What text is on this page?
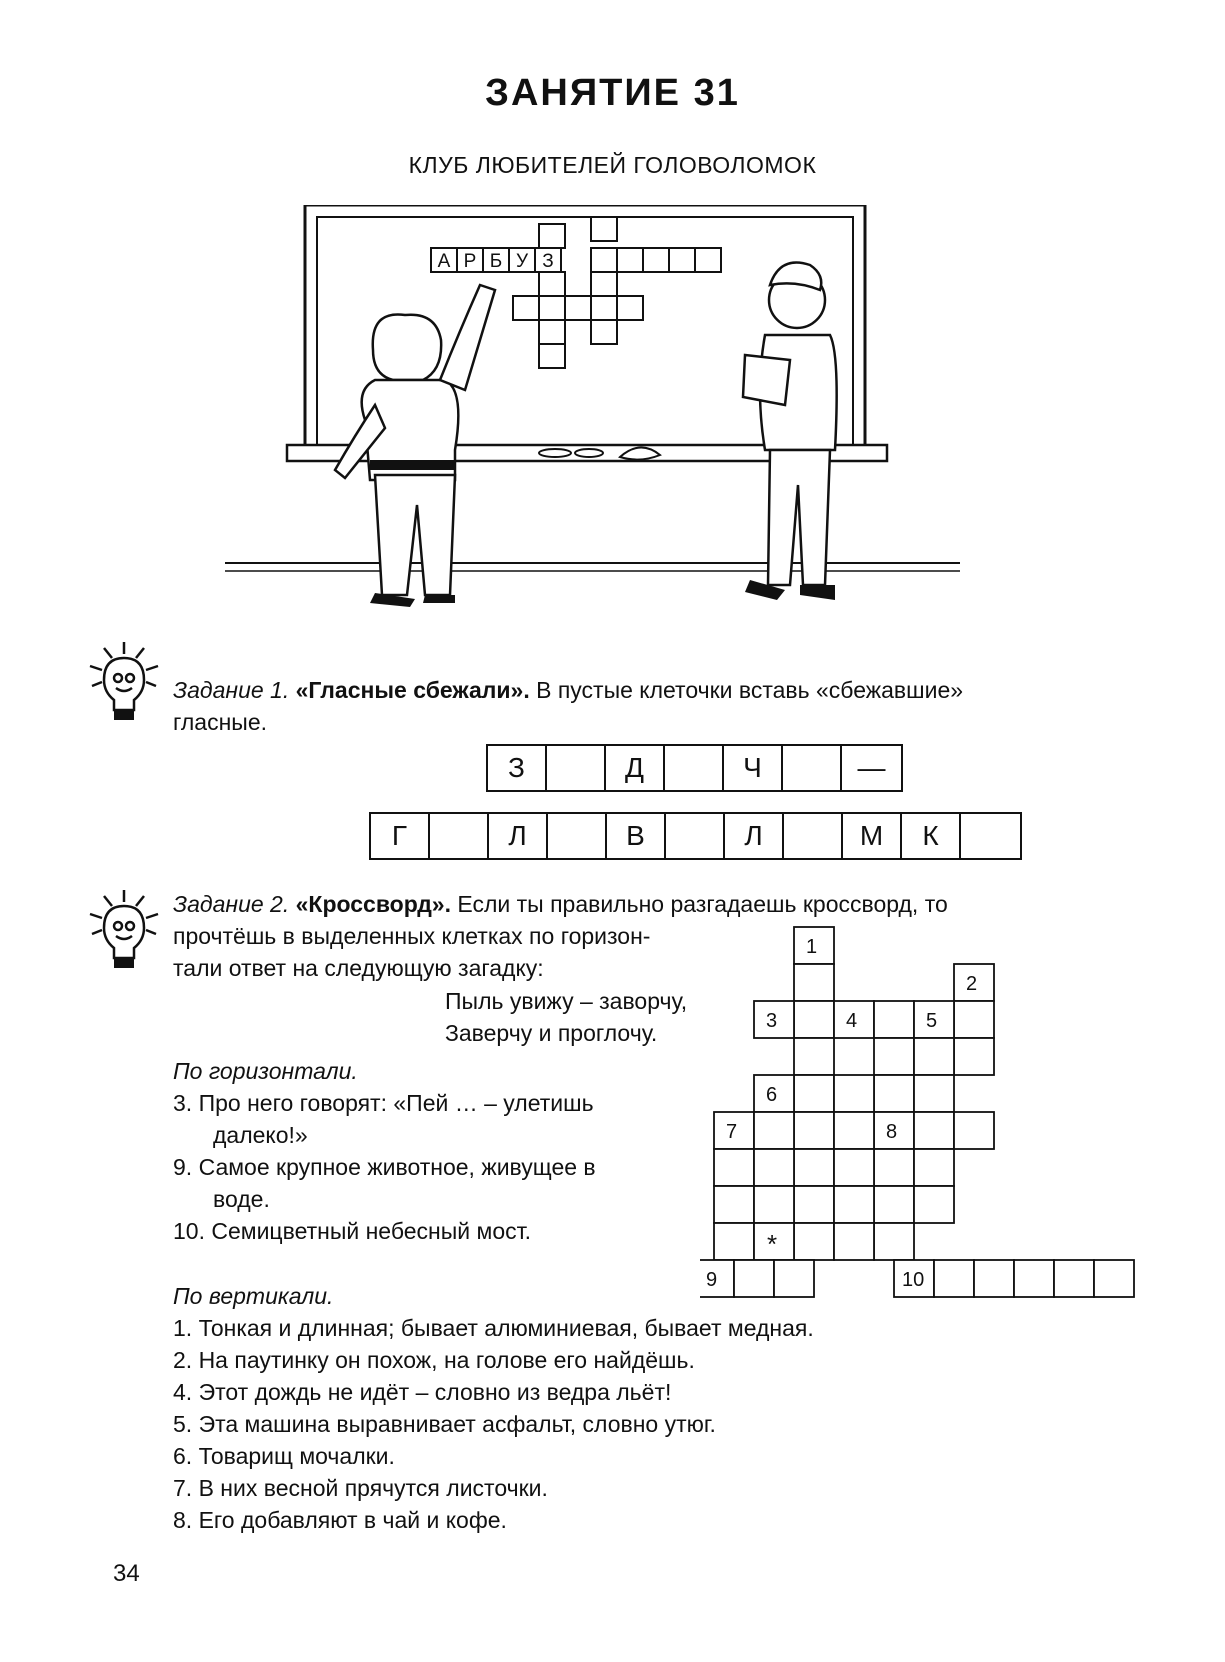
ЗАНЯТИЕ 31
КЛУБ ЛЮБИТЕЛЕЙ ГОЛОВОЛОМОК
А Р Б У З
Задание 1. «Гласные сбежали». В пустые клеточки вставь «сбежавшие»
гласные.
З	Д	Ч	—
Г	Л	В	Л	М	К
Задание 2. «Кроссворд». Если ты правильно разгадаешь кроссворд, то
прочтёшь в выделенных клетках по горизон-
тали ответ на следующую загадку:
Пыль увижу – заворчу,
Заверчу и проглочу.
По горизонтали.
3. Про него говорят: «Пей … – улетишь
далеко!»
9. Самое крупное животное, живущее в
воде.
10. Семицветный небесный мост.
По вертикали.
1. Тонкая и длинная; бывает алюминиевая, бывает медная.
2. На паутинку он похож, на голове его найдёшь.
4. Этот дождь не идёт – словно из ведра льёт!
5. Эта машина выравнивает асфальт, словно утюг.
6. Товарищ мочалки.
7. В них весной прячутся листочки.
8. Его добавляют в чай и кофе.
1
2
3	4	5
6
7	8
9	10
*
34
